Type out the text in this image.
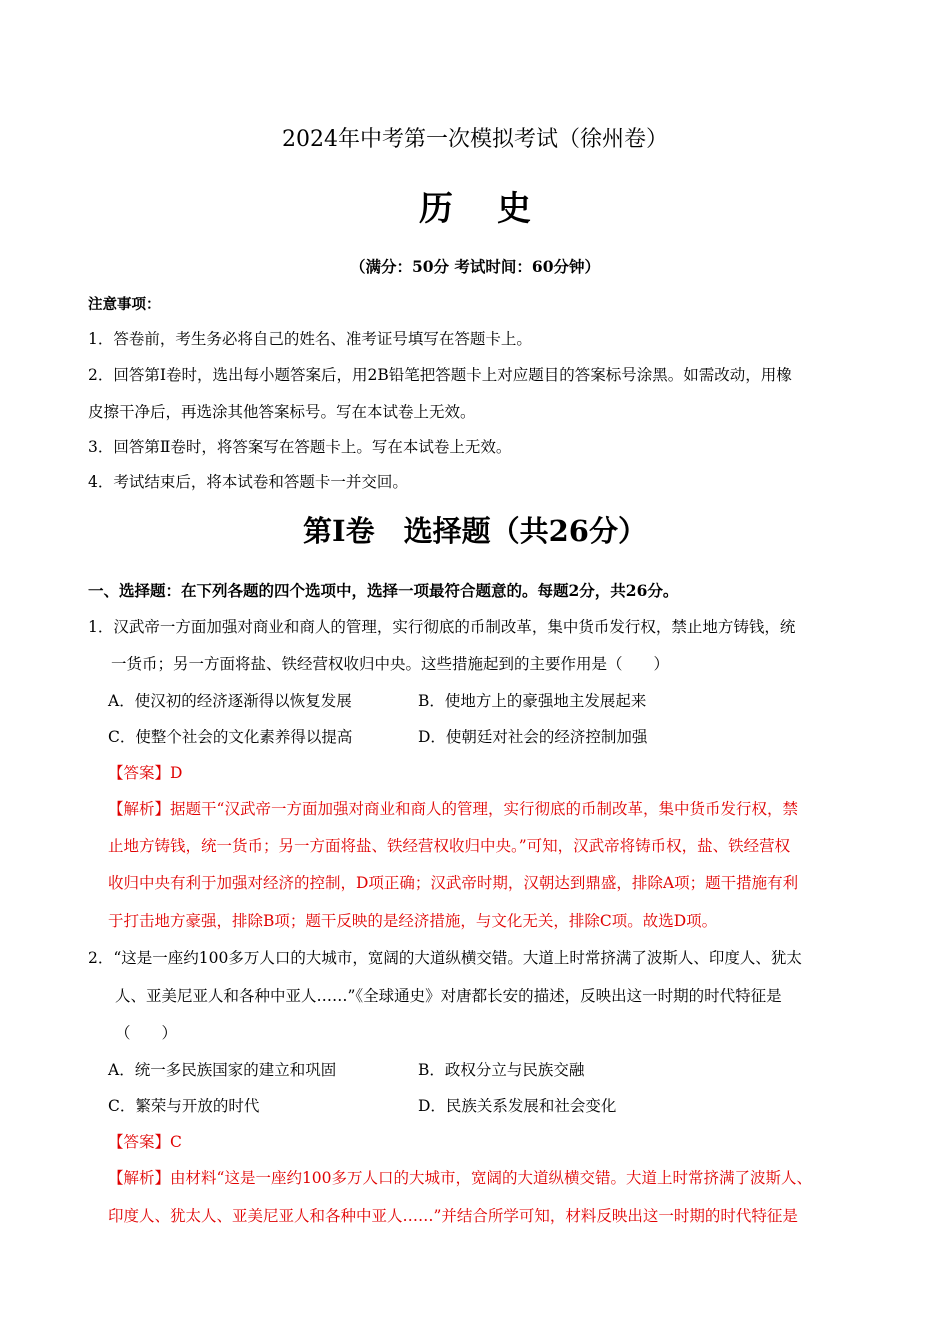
2024年中考第一次模拟考试（徐州卷）
历史
（满分：50分 考试时间：60分钟）
注意事项：
1．答卷前，考生务必将自己的姓名、准考证号填写在答题卡上。
2．回答第Ⅰ卷时，选出每小题答案后，用2B铅笔把答题卡上对应题目的答案标号涂黑。如需改动，用橡
皮擦干净后，再选涂其他答案标号。写在本试卷上无效。
3．回答第Ⅱ卷时，将答案写在答题卡上。写在本试卷上无效。
4．考试结束后，将本试卷和答题卡一并交回。
第Ⅰ卷　选择题（共26分）
一、选择题：在下列各题的四个选项中，选择一项最符合题意的。每题2分，共26分。
1．汉武帝一方面加强对商业和商人的管理，实行彻底的币制改革，集中货币发行权，禁止地方铸钱，统
一货币；另一方面将盐、铁经营权收归中央。这些措施起到的主要作用是（　　）
A．使汉初的经济逐渐得以恢复发展	B．使地方上的豪强地主发展起来
C．使整个社会的文化素养得以提高	D．使朝廷对社会的经济控制加强
【答案】D
【解析】据题干“汉武帝一方面加强对商业和商人的管理，实行彻底的币制改革，集中货币发行权，禁
止地方铸钱，统一货币；另一方面将盐、铁经营权收归中央。”可知，汉武帝将铸币权，盐、铁经营权
收归中央有利于加强对经济的控制，D项正确；汉武帝时期，汉朝达到鼎盛，排除A项；题干措施有利
于打击地方豪强，排除B项；题干反映的是经济措施，与文化无关，排除C项。故选D项。
2．“这是一座约100多万人口的大城市，宽阔的大道纵横交错。大道上时常挤满了波斯人、印度人、犹太
人、亚美尼亚人和各种中亚人……”《全球通史》对唐都长安的描述，反映出这一时期的时代特征是
（　　）
A．统一多民族国家的建立和巩固	B．政权分立与民族交融
C．繁荣与开放的时代	D．民族关系发展和社会变化
【答案】C
【解析】由材料“这是一座约100多万人口的大城市，宽阔的大道纵横交错。大道上时常挤满了波斯人、
印度人、犹太人、亚美尼亚人和各种中亚人……”并结合所学可知，材料反映出这一时期的时代特征是
